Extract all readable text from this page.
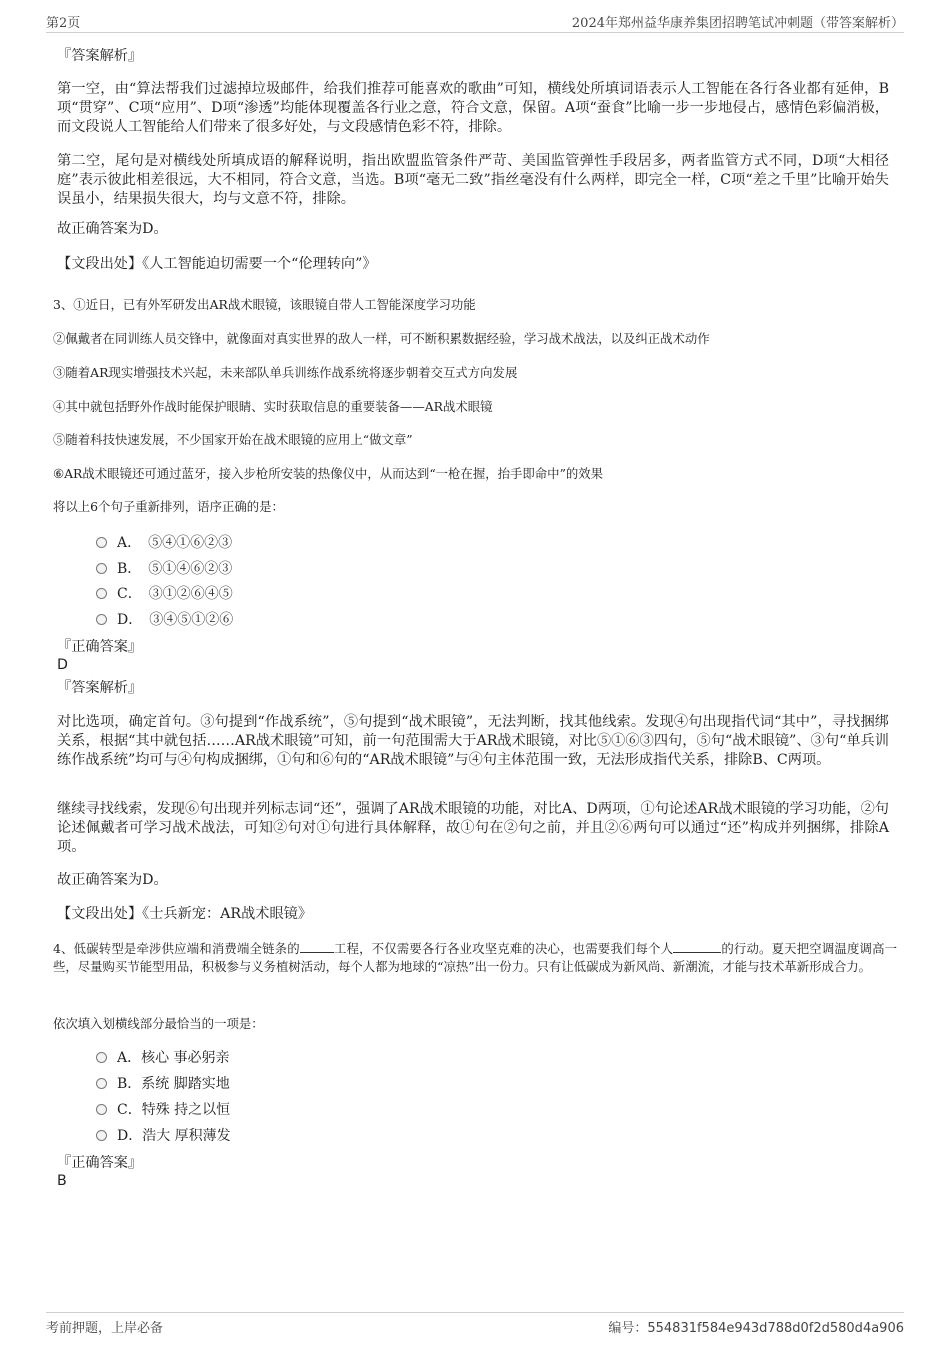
第2页	2024年郑州益华康养集团招聘笔试冲刺题（带答案解析）
『答案解析』
第一空，由“算法帮我们过滤掉垃圾邮件，给我们推荐可能喜欢的歌曲”可知，横线处所填词语表示人工智能在各行各业都有延伸，B项“贯穿”、C项“应用”、D项“渗透”均能体现覆盖各行业之意，符合文意，保留。A项“蚕食”比喻一步一步地侵占，感情色彩偏消极，而文段说人工智能给人们带来了很多好处，与文段感情色彩不符，排除。
第二空，尾句是对横线处所填成语的解释说明，指出欧盟监管条件严苛、美国监管弹性手段居多，两者监管方式不同，D项“大相径庭”表示彼此相差很远，大不相同，符合文意，当选。B项“毫无二致”指丝毫没有什么两样，即完全一样，C项“差之千里”比喻开始失误虽小，结果损失很大，均与文意不符，排除。
故正确答案为D。
【文段出处】《人工智能迫切需要一个“伦理转向”》
3、①近日，已有外军研发出AR战术眼镜，该眼镜自带人工智能深度学习功能
②佩戴者在同训练人员交锋中，就像面对真实世界的敌人一样，可不断积累数据经验，学习战术战法，以及纠正战术动作
③随着AR现实增强技术兴起，未来部队单兵训练作战系统将逐步朝着交互式方向发展
④其中就包括野外作战时能保护眼睛、实时获取信息的重要装备——AR战术眼镜
⑤随着科技快速发展，不少国家开始在战术眼镜的应用上“做文章”
⑥AR战术眼镜还可通过蓝牙，接入步枪所安装的热像仪中，从而达到“一枪在握，抬手即命中”的效果
将以上6个句子重新排列，语序正确的是：
A．　⑤④①⑥②③
B．　⑤①④⑥②③
C．　③①②⑥④⑤
D．　③④⑤①②⑥
『正确答案』
D
『答案解析』
对比选项，确定首句。③句提到“作战系统”，⑤句提到“战术眼镜”，无法判断，找其他线索。发现④句出现指代词“其中”，寻找捆绑关系，根据“其中就包括……AR战术眼镜”可知，前一句范围需大于AR战术眼镜，对比⑤①⑥③四句，⑤句“战术眼镜”、③句“单兵训练作战系统”均可与④句构成捆绑，①句和⑥句的“AR战术眼镜”与④句主体范围一致，无法形成指代关系，排除B、C两项。
继续寻找线索，发现⑥句出现并列标志词“还”，强调了AR战术眼镜的功能，对比A、D两项，①句论述AR战术眼镜的学习功能，②句论述佩戴者可学习战术战法，可知②句对①句进行具体解释，故①句在②句之前，并且②⑥两句可以通过“还”构成并列捆绑，排除A项。
故正确答案为D。
【文段出处】《士兵新宠：AR战术眼镜》
4、低碳转型是牵涉供应端和消费端全链条的	工程，不仅需要各行各业攻坚克难的决心，也需要我们每个人	的行动。夏天把空调温度调高一些，尽量购买节能型用品，积极参与义务植树活动，每个人都为地球的“凉热”出一份力。只有让低碳成为新风尚、新潮流，才能与技术革新形成合力。
依次填入划横线部分最恰当的一项是：
A．核心 事必躬亲
B．系统 脚踏实地
C．特殊 持之以恒
D．浩大 厚积薄发
『正确答案』
B
考前押题，上岸必备	编号：554831f584e943d788d0f2d580d4a906
